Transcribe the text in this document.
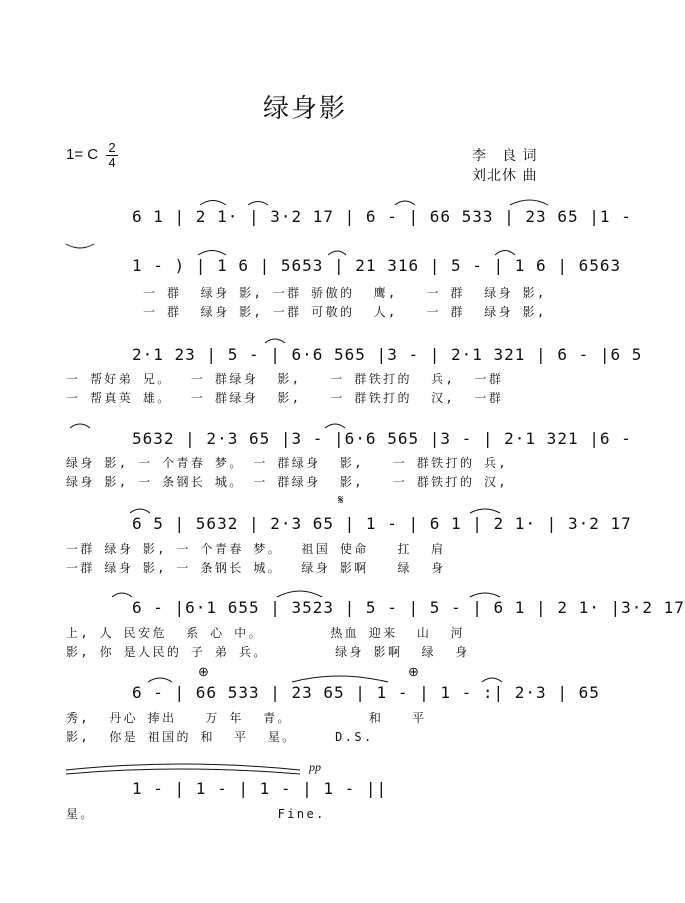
绿身影
1= C 2
4	李　良 词
刘北休 曲
6 1 | 2 1· | 3·2 17 | 6 - | 66 533 | 23 65 |1 -
1 - ) | 1 6 | 5653 | 21 316 | 5 - | 1 6 | 6563
一 群  绿身 影, 一群 骄傲的  鹰,   一 群  绿身 影,
一 群  绿身 影, 一群 可敬的  人,   一 群  绿身 影,
2·1 23 | 5 - | 6·6 565 |3 - | 2·1 321 | 6 - |6 5
一 帮好弟 兄。  一 群绿身  影,   一 群铁打的  兵,  一群
一 帮真英 雄。  一 群绿身  影,   一 群铁打的  汉,  一群
5632 | 2·3 65 |3 - |6·6 565 |3 - | 2·1 321 |6 -
绿身 影, 一 个青春 梦。 一 群绿身  影,   一 群铁打的 兵,
绿身 影, 一 条钢长 城。 一 群绿身  影,   一 群铁打的 汉,
6 5 | 5632 | 2·3 65 | 1 - | 6 1 | 2 1· | 3·2 17
一群 绿身 影, 一 个青春 梦。  祖国 使命   扛  肩
一群 绿身 影, 一 条钢长 城。  绿身 影啊   绿  身
6 - |6·1 655 | 3523 | 5 - | 5 - | 6 1 | 2 1· |3·2 17
上, 人 民安危  系 心 中。       热血 迎来  山  河
影, 你 是人民的 子 弟 兵。       绿身 影啊  绿  身
6 - | 66 533 | 23 65 | 1 - | 1 - :| 2·3 | 65
秀,  丹心 捧出   万 年  青。        和   平
影,  你是 祖国的 和  平  星。    D.S.
1 - | 1 - | 1 - | 1 - ||
星。                   Fine.
pp
𝄋
⊕	⊕
